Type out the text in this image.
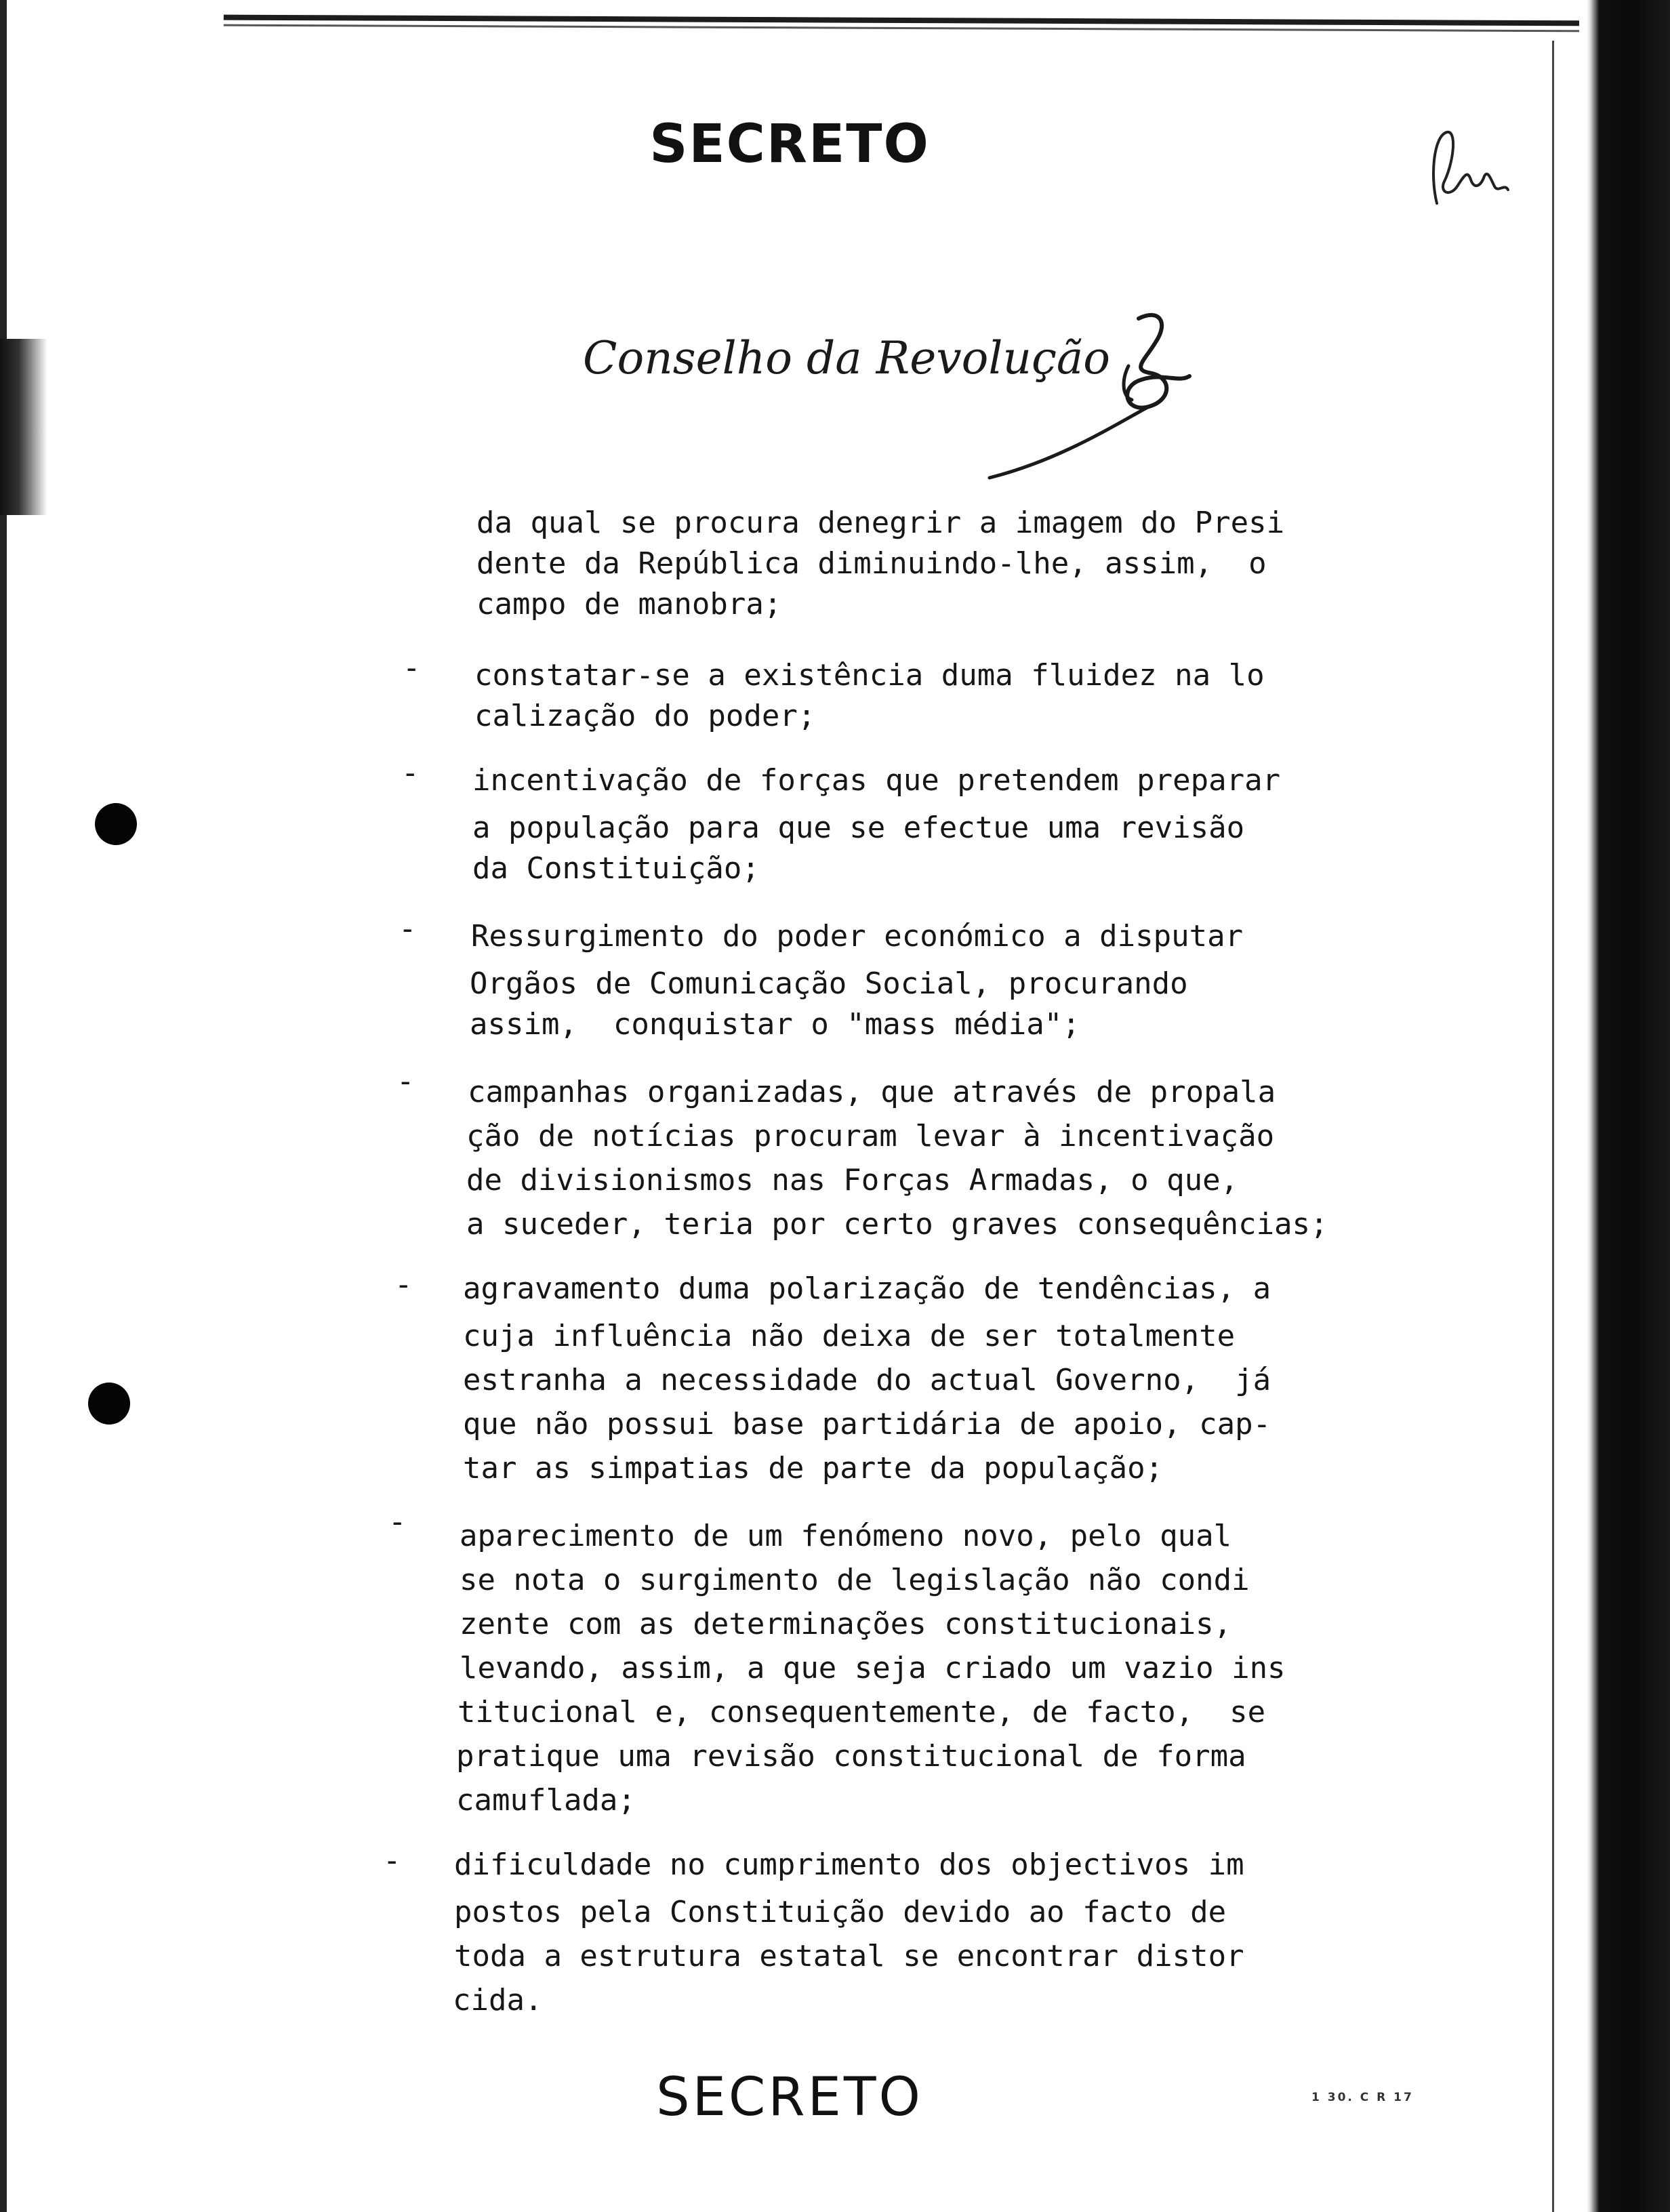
SECRETO
Conselho da Revolução
da qual se procura denegrir a imagem do Presi
dente da República diminuindo-lhe, assim,  o
campo de manobra;
- constatar-se a existência duma fluidez na lo
calização do poder;
- incentivação de forças que pretendem preparar
a população para que se efectue uma revisão
da Constituição;
- Ressurgimento do poder económico a disputar
Orgãos de Comunicação Social, procurando
assim,  conquistar o "mass média";
- campanhas organizadas, que através de propala
ção de notícias procuram levar à incentivação
de divisionismos nas Forças Armadas, o que,
a suceder, teria por certo graves consequências;
- agravamento duma polarização de tendências, a
cuja influência não deixa de ser totalmente
estranha a necessidade do actual Governo,  já
que não possui base partidária de apoio, cap-
tar as simpatias de parte da população;
- aparecimento de um fenómeno novo, pelo qual
se nota o surgimento de legislação não condi
zente com as determinações constitucionais,
levando, assim, a que seja criado um vazio ins
titucional e, consequentemente, de facto,  se
pratique uma revisão constitucional de forma
camuflada;
- dificuldade no cumprimento dos objectivos im
postos pela Constituição devido ao facto de
toda a estrutura estatal se encontrar distor
cida.
SECRETO	1 30. C R 17
